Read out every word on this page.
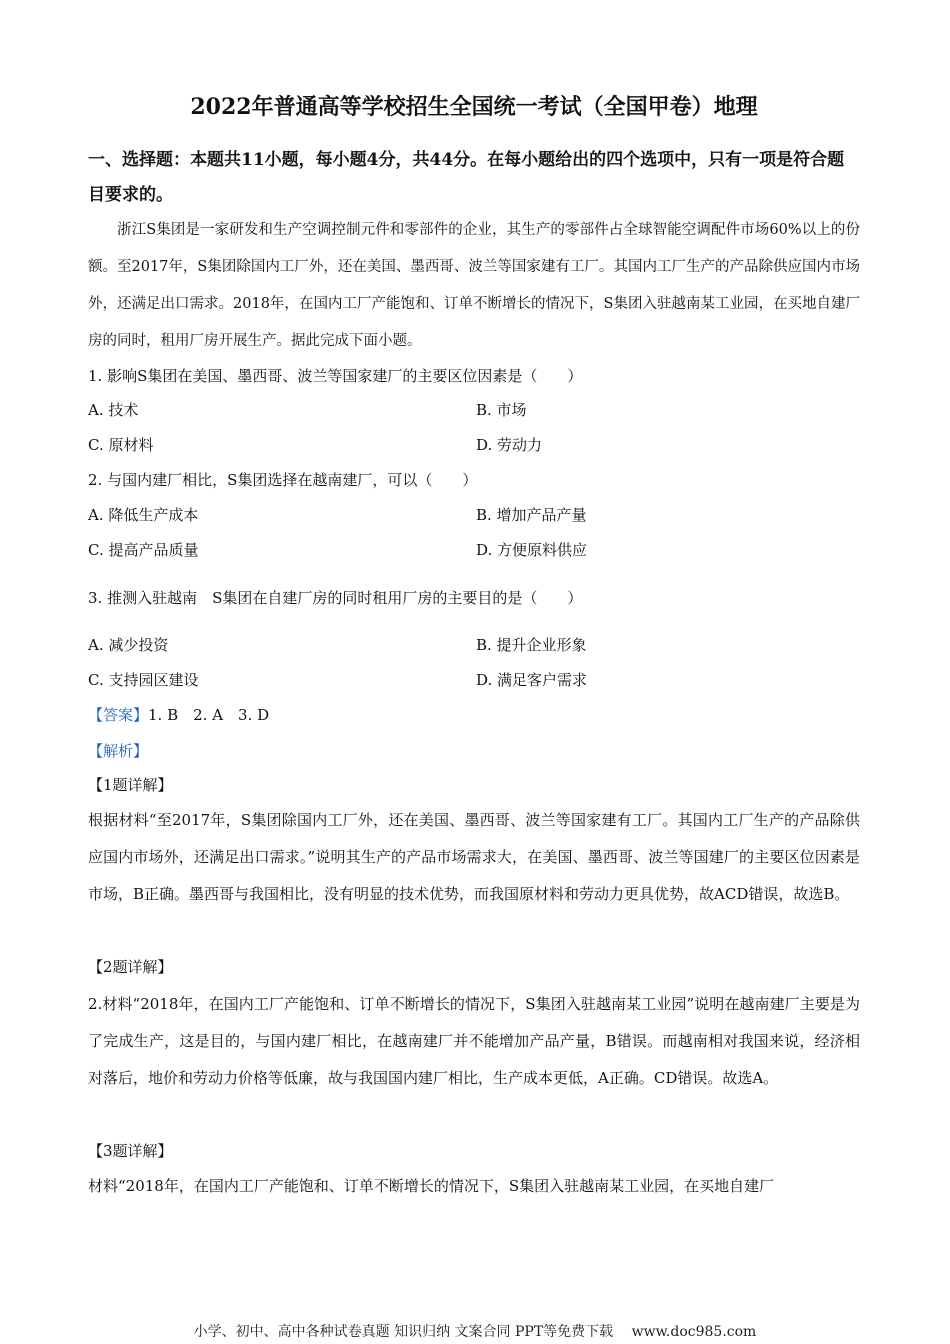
2022年普通高等学校招生全国统一考试（全国甲卷）地理

一、选择题：本题共11小题，每小题4分，共44分。在每小题给出的四个选项中，只有一项是符合题目要求的。

浙江S集团是一家研发和生产空调控制元件和零部件的企业，其生产的零部件占全球智能空调配件市场60%以上的份额。至2017年，S集团除国内工厂外，还在美国、墨西哥、波兰等国家建有工厂。其国内工厂生产的产品除供应国内市场外，还满足出口需求。2018年，在国内工厂产能饱和、订单不断增长的情况下，S集团入驻越南某工业园，在买地自建厂房的同时，租用厂房开展生产。据此完成下面小题。

1. 影响S集团在美国、墨西哥、波兰等国家建厂的主要区位因素是（　　）

A. 技术	B. 市场
C. 原材料	D. 劳动力

2. 与国内建厂相比，S集团选择在越南建厂，可以（　　）

A. 降低生产成本	B. 增加产品产量
C. 提高产品质量	D. 方便原料供应

3. 推测入驻越南　S集团在自建厂房的同时租用厂房的主要目的是（　　）

A. 减少投资	B. 提升企业形象
C. 支持园区建设	D. 满足客户需求
【答案】1. B　2. A　3. D
【解析】
【1题详解】

根据材料“至2017年，S集团除国内工厂外，还在美国、墨西哥、波兰等国家建有工厂。其国内工厂生产的产品除供应国内市场外，还满足出口需求。”说明其生产的产品市场需求大，在美国、墨西哥、波兰等国建厂的主要区位因素是市场，B正确。墨西哥与我国相比，没有明显的技术优势，而我国原材料和劳动力更具优势，故ACD错误，故选B。

【2题详解】

2.材料“2018年，在国内工厂产能饱和、订单不断增长的情况下，S集团入驻越南某工业园”说明在越南建厂主要是为了完成生产，这是目的，与国内建厂相比，在越南建厂并不能增加产品产量，B错误。而越南相对我国来说，经济相对落后，地价和劳动力价格等低廉，故与我国国内建厂相比，生产成本更低，A正确。CD错误。故选A。

【3题详解】

材料“2018年，在国内工厂产能饱和、订单不断增长的情况下，S集团入驻越南某工业园，在买地自建厂

小学、初中、高中各种试卷真题 知识归纳 文案合同 PPT等免费下载　 www.doc985.com
